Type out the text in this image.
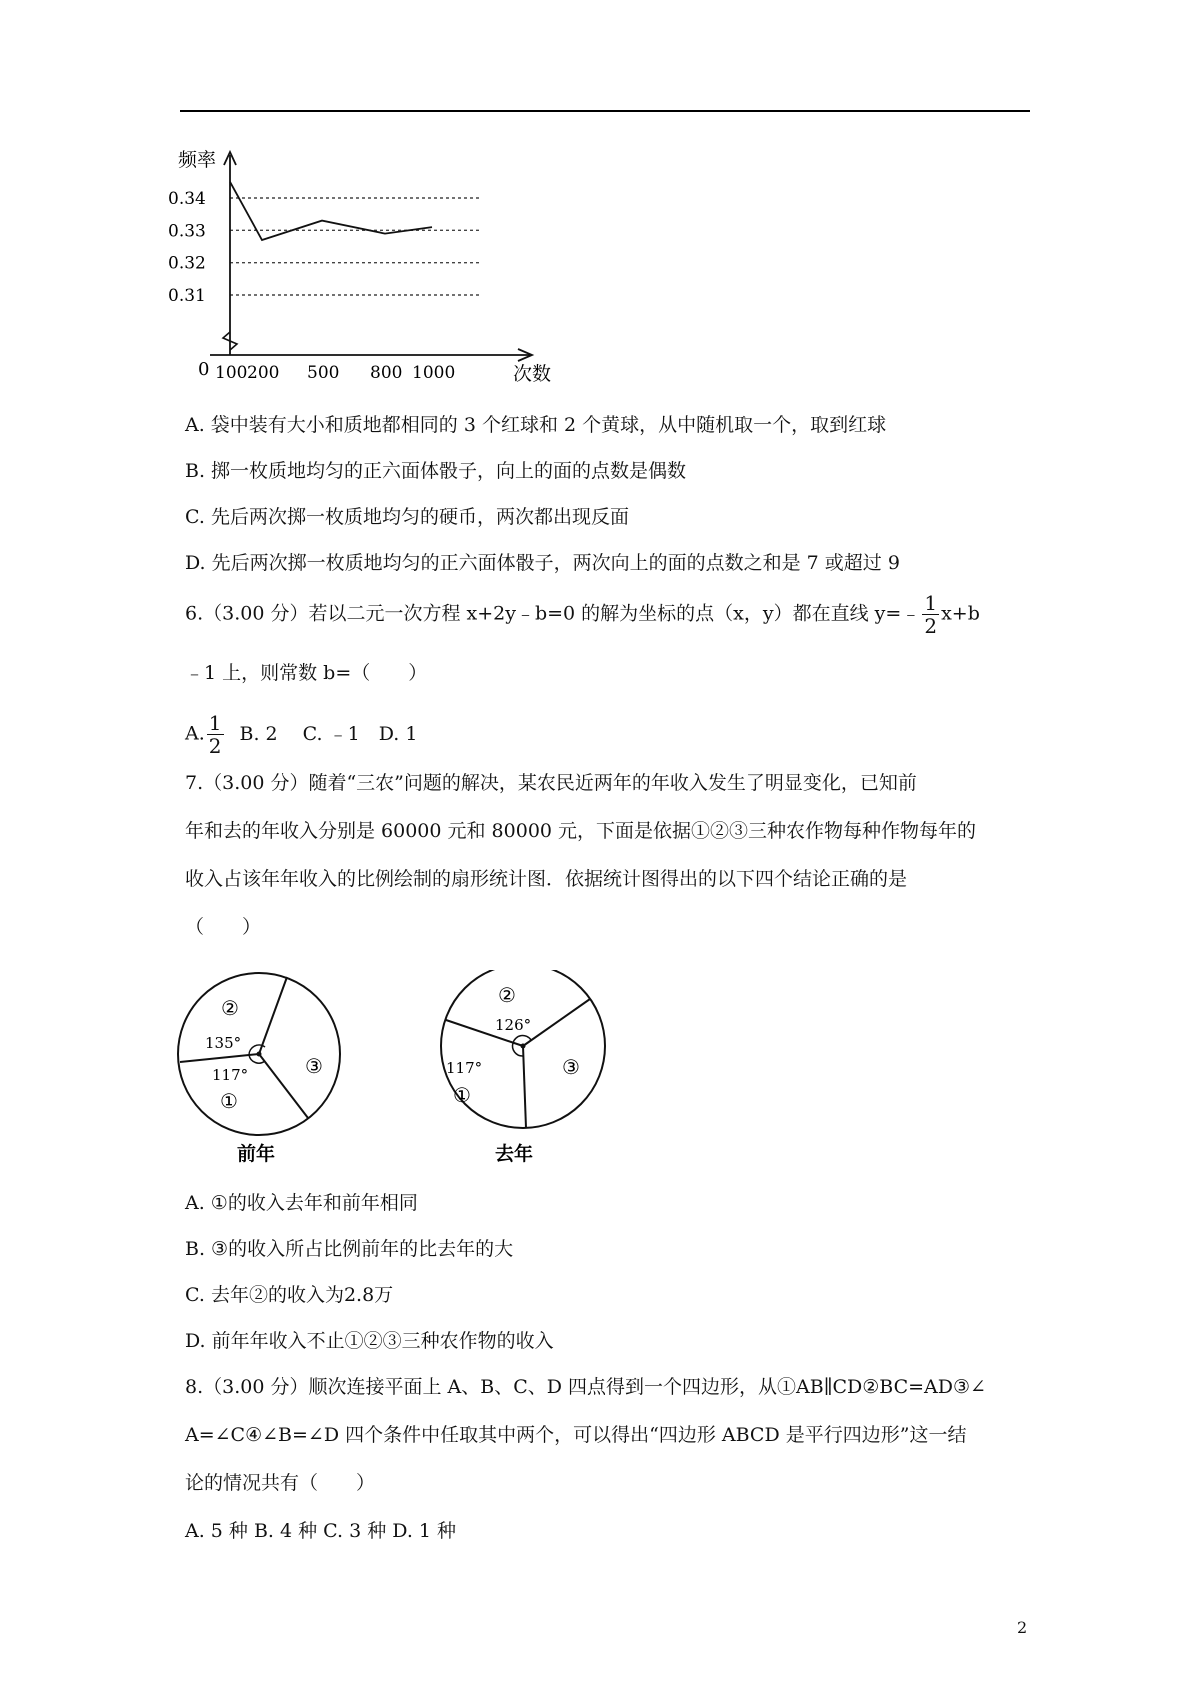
频率
0	次数
0.31
0.32
0.33
0.34
100 200 500 800 1000
A. 袋中装有大小和质地都相同的 3 个红球和 2 个黄球，从中随机取一个，取到红球
B. 掷一枚质地均匀的正六面体骰子，向上的面的点数是偶数
C. 先后两次掷一枚质地均匀的硬币，两次都出现反面
D. 先后两次掷一枚质地均匀的正六面体骰子，两次向上的面的点数之和是 7 或超过 9
6.（3.00 分）若以二元一次方程 x+2y﹣b=0 的解为坐标的点（x，y）都在直线 y=﹣ $\frac{1}{2} x+b$
﹣1 上，则常数 b=（　　）
A. $\frac{1}{2} B$. 2　 C. ﹣1　D. 1
7.（3.00 分）随着“三农”问题的解决，某农民近两年的年收入发生了明显变化，已知前
年和去的年收入分别是 60000 元和 80000 元，下面是依据①②③三种农作物每种作物每年的
收入占该年年收入的比例绘制的扇形统计图．依据统计图得出的以下四个结论正确的是
（　　）
②
135°
117°
①
③
前年
②
126°
117°
①
③
去年
A. ①的收入去年和前年相同
B. ③的收入所占比例前年的比去年的大
C. 去年②的收入为2.8万
D. 前年年收入不止①②③三种农作物的收入
8.（3.00 分）顺次连接平面上 A、B、C、D 四点得到一个四边形，从①AB∥CD②BC=AD③∠
A=∠C④∠B=∠D 四个条件中任取其中两个，可以得出“四边形 ABCD 是平行四边形”这一结
论的情况共有（　　）
A. 5 种 B. 4 种 C. 3 种 D. 1 种
2
